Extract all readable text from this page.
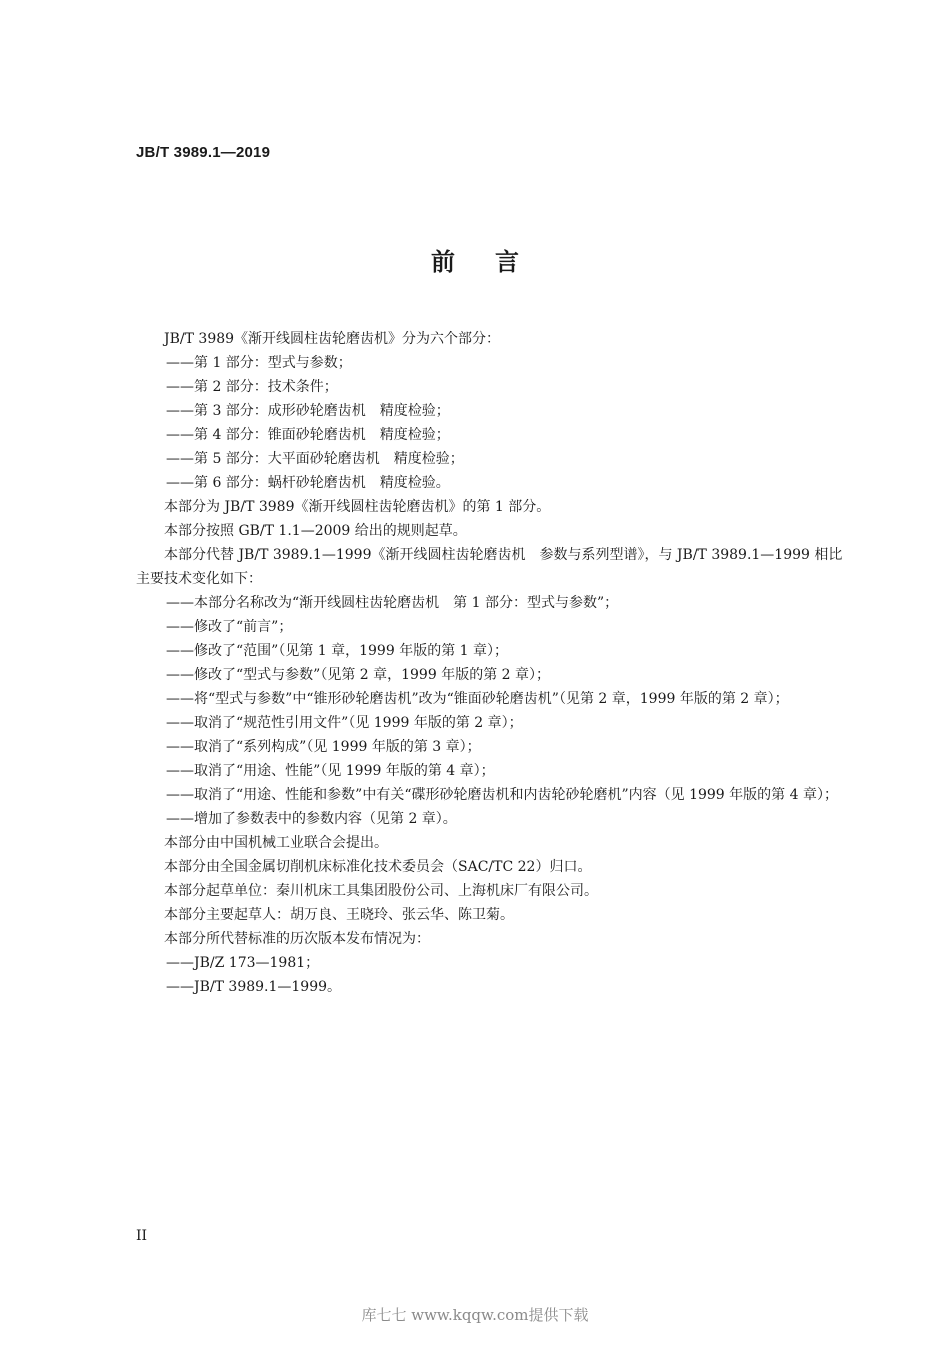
JB/T 3989.1—2019
前言

JB/T 3989《渐开线圆柱齿轮磨齿机》分为六个部分：

——第 1 部分：型式与参数；

——第 2 部分：技术条件；

——第 3 部分：成形砂轮磨齿机　精度检验；

——第 4 部分：锥面砂轮磨齿机　精度检验；

——第 5 部分：大平面砂轮磨齿机　精度检验；

——第 6 部分：蜗杆砂轮磨齿机　精度检验。

本部分为 JB/T 3989《渐开线圆柱齿轮磨齿机》的第 1 部分。

本部分按照 GB/T 1.1—2009 给出的规则起草。

本部分代替 JB/T 3989.1—1999《渐开线圆柱齿轮磨齿机　参数与系列型谱》，与 JB/T 3989.1—1999 相比主要技术变化如下：

——本部分名称改为“渐开线圆柱齿轮磨齿机　第 1 部分：型式与参数”；

——修改了“前言”；

——修改了“范围”（见第 1 章，1999 年版的第 1 章）；

——修改了“型式与参数”（见第 2 章，1999 年版的第 2 章）；

——将“型式与参数”中“锥形砂轮磨齿机”改为“锥面砂轮磨齿机”（见第 2 章，1999 年版的第 2 章）；

——取消了“规范性引用文件”（见 1999 年版的第 2 章）；

——取消了“系列构成”（见 1999 年版的第 3 章）；

——取消了“用途、性能”（见 1999 年版的第 4 章）；

——取消了“用途、性能和参数”中有关“碟形砂轮磨齿机和内齿轮砂轮磨机”内容（见 1999 年版的第 4 章）；

——增加了参数表中的参数内容（见第 2 章）。

本部分由中国机械工业联合会提出。

本部分由全国金属切削机床标准化技术委员会（SAC/TC 22）归口。

本部分起草单位：秦川机床工具集团股份公司、上海机床厂有限公司。

本部分主要起草人：胡万良、王晓玲、张云华、陈卫菊。

本部分所代替标准的历次版本发布情况为：

——JB/Z 173—1981；

——JB/T 3989.1—1999。

II
库七七 www.kqqw.com提供下载
